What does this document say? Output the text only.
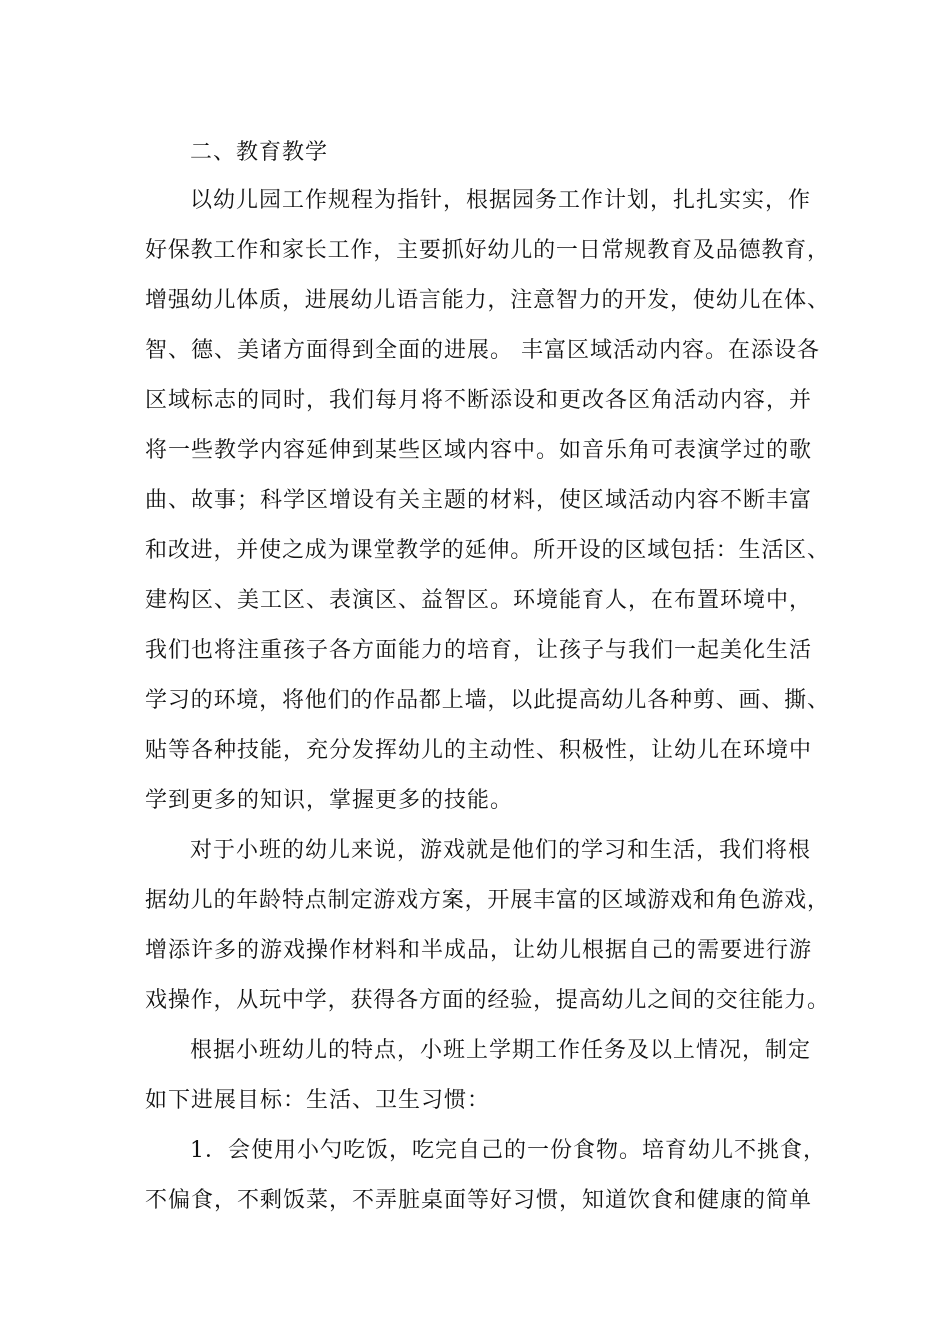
二、教育教学
以幼儿园工作规程为指针，根据园务工作计划，扎扎实实，作
好保教工作和家长工作，主要抓好幼儿的一日常规教育及品德教育，
增强幼儿体质，进展幼儿语言能力，注意智力的开发，使幼儿在体、
智、德、美诸方面得到全面的进展。 丰富区域活动内容。在添设各
区域标志的同时，我们每月将不断添设和更改各区角活动内容，并
将一些教学内容延伸到某些区域内容中。如音乐角可表演学过的歌
曲、故事；科学区增设有关主题的材料，使区域活动内容不断丰富
和改进，并使之成为课堂教学的延伸。所开设的区域包括：生活区、
建构区、美工区、表演区、益智区。环境能育人，在布置环境中，
我们也将注重孩子各方面能力的培育，让孩子与我们一起美化生活
学习的环境，将他们的作品都上墙，以此提高幼儿各种剪、画、撕、
贴等各种技能，充分发挥幼儿的主动性、积极性，让幼儿在环境中
学到更多的知识，掌握更多的技能。
对于小班的幼儿来说，游戏就是他们的学习和生活，我们将根
据幼儿的年龄特点制定游戏方案，开展丰富的区域游戏和角色游戏，
增添许多的游戏操作材料和半成品，让幼儿根据自己的需要进行游
戏操作，从玩中学，获得各方面的经验，提高幼儿之间的交往能力。
根据小班幼儿的特点，小班上学期工作任务及以上情况，制定
如下进展目标：生活、卫生习惯：
1．会使用小勺吃饭，吃完自己的一份食物。培育幼儿不挑食，
不偏食，不剩饭菜，不弄脏桌面等好习惯，知道饮食和健康的简单
